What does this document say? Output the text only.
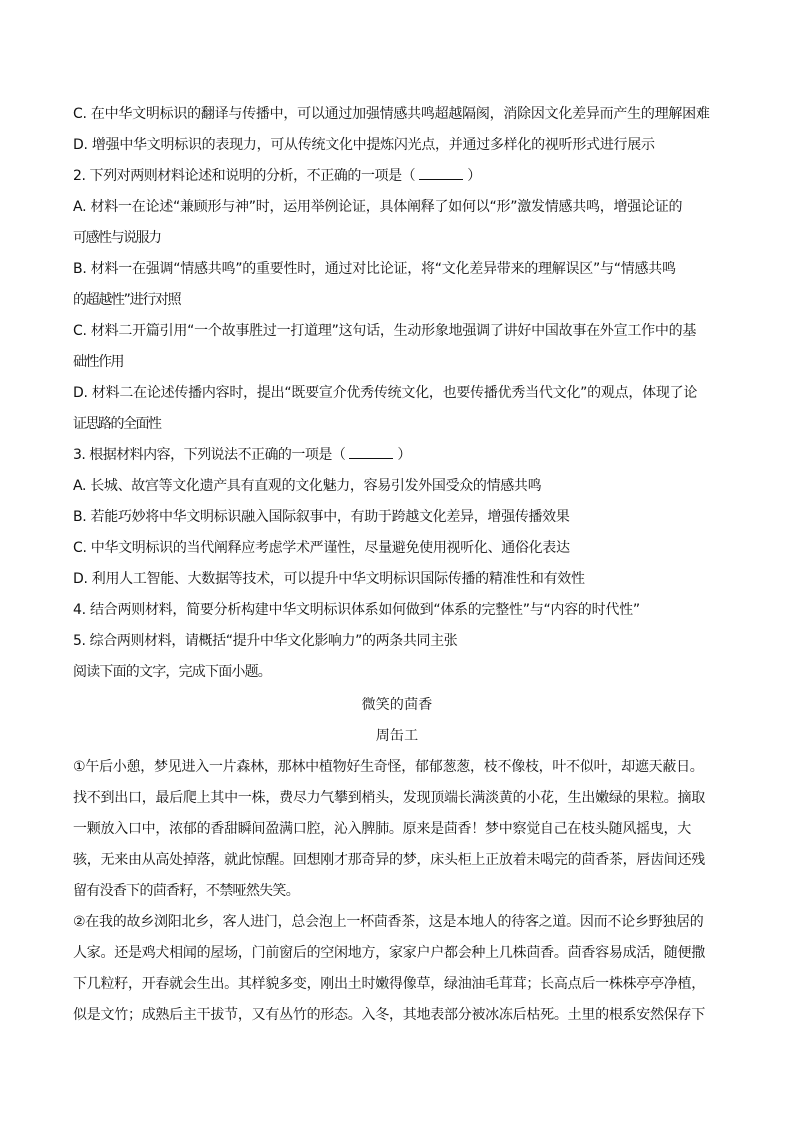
C. 在中华文明标识的翻译与传播中，可以通过加强情感共鸣超越隔阂，消除因文化差异而产生的理解困难
D. 增强中华文明标识的表现力，可从传统文化中提炼闪光点，并通过多样化的视听形式进行展示
2. 下列对两则材料论述和说明的分析，不正确的一项是（	）
A. 材料一在论述“兼顾形与神”时，运用举例论证，具体阐释了如何以“形”激发情感共鸣，增强论证的
可感性与说服力
B. 材料一在强调“情感共鸣”的重要性时，通过对比论证，将“文化差异带来的理解误区”与“情感共鸣
的超越性”进行对照
C. 材料二开篇引用“一个故事胜过一打道理”这句话，生动形象地强调了讲好中国故事在外宣工作中的基
础性作用
D. 材料二在论述传播内容时，提出“既要宣介优秀传统文化，也要传播优秀当代文化”的观点，体现了论
证思路的全面性
3. 根据材料内容，下列说法不正确的一项是（	）
A. 长城、故宫等文化遗产具有直观的文化魅力，容易引发外国受众的情感共鸣
B. 若能巧妙将中华文明标识融入国际叙事中，有助于跨越文化差异，增强传播效果
C. 中华文明标识的当代阐释应考虑学术严谨性，尽量避免使用视听化、通俗化表达
D. 利用人工智能、大数据等技术，可以提升中华文明标识国际传播的精准性和有效性
4. 结合两则材料，简要分析构建中华文明标识体系如何做到“体系的完整性”与“内容的时代性”
5. 综合两则材料，请概括“提升中华文化影响力”的两条共同主张
阅读下面的文字，完成下面小题。
微笑的茴香
周缶工
①午后小憩，梦见进入一片森林，那林中植物好生奇怪，郁郁葱葱，枝不像枝，叶不似叶，却遮天蔽日。
找不到出口，最后爬上其中一株，费尽力气攀到梢头，发现顶端长满淡黄的小花，生出嫩绿的果粒。摘取
一颗放入口中，浓郁的香甜瞬间盈满口腔，沁入脾肺。原来是茴香！梦中察觉自己在枝头随风摇曳，大
骇，无来由从高处掉落，就此惊醒。回想刚才那奇异的梦，床头柜上正放着未喝完的茴香茶，唇齿间还残
留有没香下的茴香籽，不禁哑然失笑。
②在我的故乡浏阳北乡，客人进门，总会泡上一杯茴香茶，这是本地人的待客之道。因而不论乡野独居的
人家。还是鸡犬相闻的屋场，门前窗后的空闲地方，家家户户都会种上几株茴香。茴香容易成活，随便撒
下几粒籽，开春就会生出。其样貌多变，刚出土时嫩得像草，绿油油毛茸茸；长高点后一株株亭亭净植，
似是文竹；成熟后主干拔节，又有丛竹的形态。入冬，其地表部分被冰冻后枯死。土里的根系安然保存下
